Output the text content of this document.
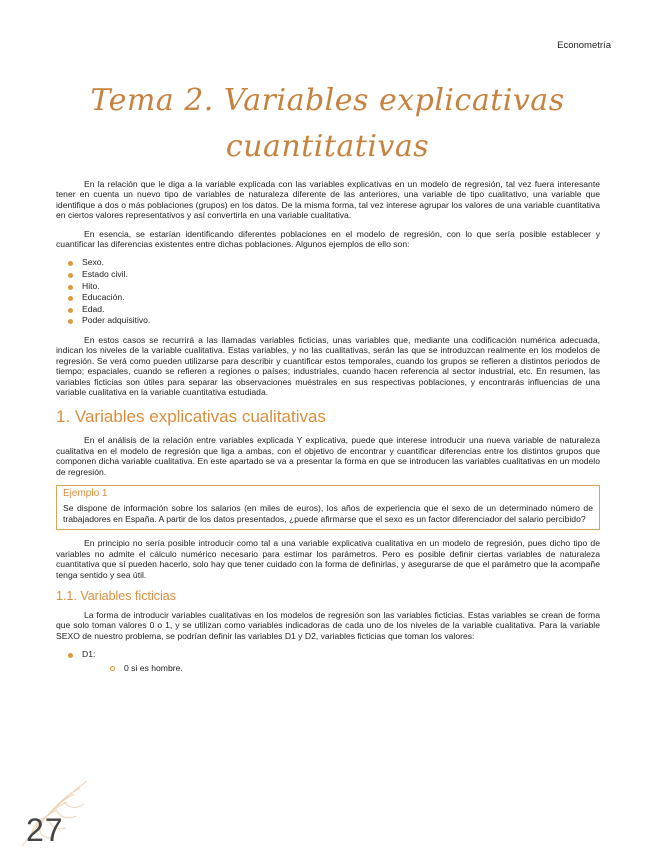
Econometría
Tema 2. Variables explicativas
cuantitativas

En la relación que le diga a la variable explicada con las variables explicativas en un modelo de regresión, tal vez fuera interesante tener en cuenta un nuevo tipo de variables de naturaleza diferente de las anteriores, una variable de tipo cualitativo, una variable que identifique a dos o más poblaciones (grupos) en los datos. De la misma forma, tal vez interese agrupar los valores de una variable cuantitativa en ciertos valores representativos y así convertirla en una variable cualitativa.

En esencia, se estarían identificando diferentes poblaciones en el modelo de regresión, con lo que sería posible establecer y cuantificar las diferencias existentes entre dichas poblaciones. Algunos ejemplos de ello son:

Sexo.
Estado civil.
Hito.
Educación.
Edad.
Poder adquisitivo.

En estos casos se recurrirá a las llamadas variables ficticias, unas variables que, mediante una codificación numérica adecuada, indican los niveles de la variable cualitativa. Estas variables, y no las cualitativas, serán las que se introduzcan realmente en los modelos de regresión. Se verá como pueden utilizarse para describir y cuantificar estos temporales, cuando los grupos se refieren a distintos periodos de tiempo; espaciales, cuando se refieren a regiones o países; industriales, cuando hacen referencia al sector industrial, etc. En resumen, las variables ficticias son útiles para separar las observaciones muéstrales en sus respectivas poblaciones, y encontrarás influencias de una variable cualitativa en la variable cuantitativa estudiada.

1. Variables explicativas cualitativas

En el análisis de la relación entre variables explicada Y explicativa, puede que interese introducir una nueva variable de naturaleza cualitativa en el modelo de regresión que liga a ambas, con el objetivo de encontrar y cuantificar diferencias entre los distintos grupos que componen dicha variable cualitativa. En este apartado se va a presentar la forma en que se introducen las variables cualitativas en un modelo de regresión.

Ejemplo 1

Se dispone de información sobre los salarios (en miles de euros), los años de experiencia que el sexo de un determinado número de trabajadores en España. A partir de los datos presentados, ¿puede afirmarse que el sexo es un factor diferenciador del salario percibido?

En principio no sería posible introducir como tal a una variable explicativa cualitativa en un modelo de regresión, pues dicho tipo de variables no admite el cálculo numérico necesario para estimar los parámetros. Pero es posible definir ciertas variables de naturaleza cuantitativa que sí pueden hacerlo, solo hay que tener cuidado con la forma de definirlas, y asegurarse de que el parámetro que la acompañe tenga sentido y sea útil.

1.1. Variables ficticias

La forma de introducir variables cualitativas en los modelos de regresión son las variables ficticias. Estas variables se crean de forma que solo toman valores 0 o 1, y se utilizan como variables indicadoras de cada uno de los niveles de la variable cualitativa. Para la variable SEXO de nuestro problema, se podrían definir las variables D1 y D2, variables ficticias que toman los valores:

D1:
0 si es hombre.
27
